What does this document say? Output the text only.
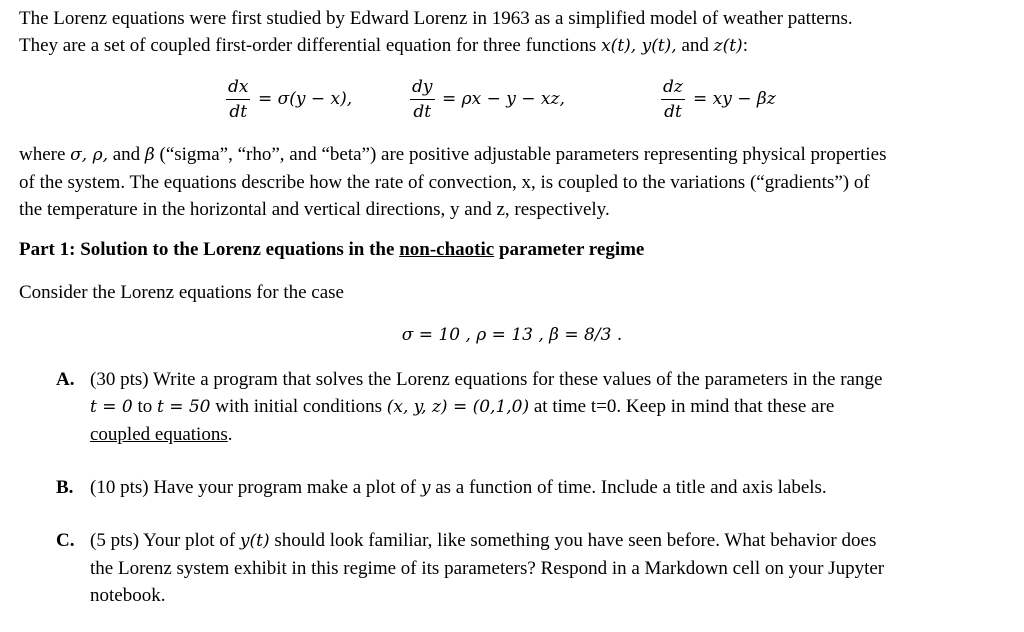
The Lorenz equations were first studied by Edward Lorenz in 1963 as a simplified model of weather patterns.
They are a set of coupled first-order differential equation for three functions x(t), y(t), and z(t):
dx
dt
= σ(y − x),
dy
dt
= ρx − y − xz,
dz
dt
= xy − βz
where σ, ρ, and β (“sigma”, “rho”, and “beta”) are positive adjustable parameters representing physical properties
of the system. The equations describe how the rate of convection, x, is coupled to the variations (“gradients”) of
the temperature in the horizontal and vertical directions, y and z, respectively.
Part 1: Solution to the Lorenz equations in the non-chaotic parameter regime
Consider the Lorenz equations for the case
σ = 10 , ρ = 13 , β = 8/3 .
A. (30 pts) Write a program that solves the Lorenz equations for these values of the parameters in the range
t = 0 to t = 50 with initial conditions (x, y, z) = (0,1,0) at time t=0. Keep in mind that these are
coupled equations.
B. (10 pts) Have your program make a plot of y as a function of time. Include a title and axis labels.
C. (5 pts) Your plot of y(t) should look familiar, like something you have seen before. What behavior does
the Lorenz system exhibit in this regime of its parameters? Respond in a Markdown cell on your Jupyter
notebook.
